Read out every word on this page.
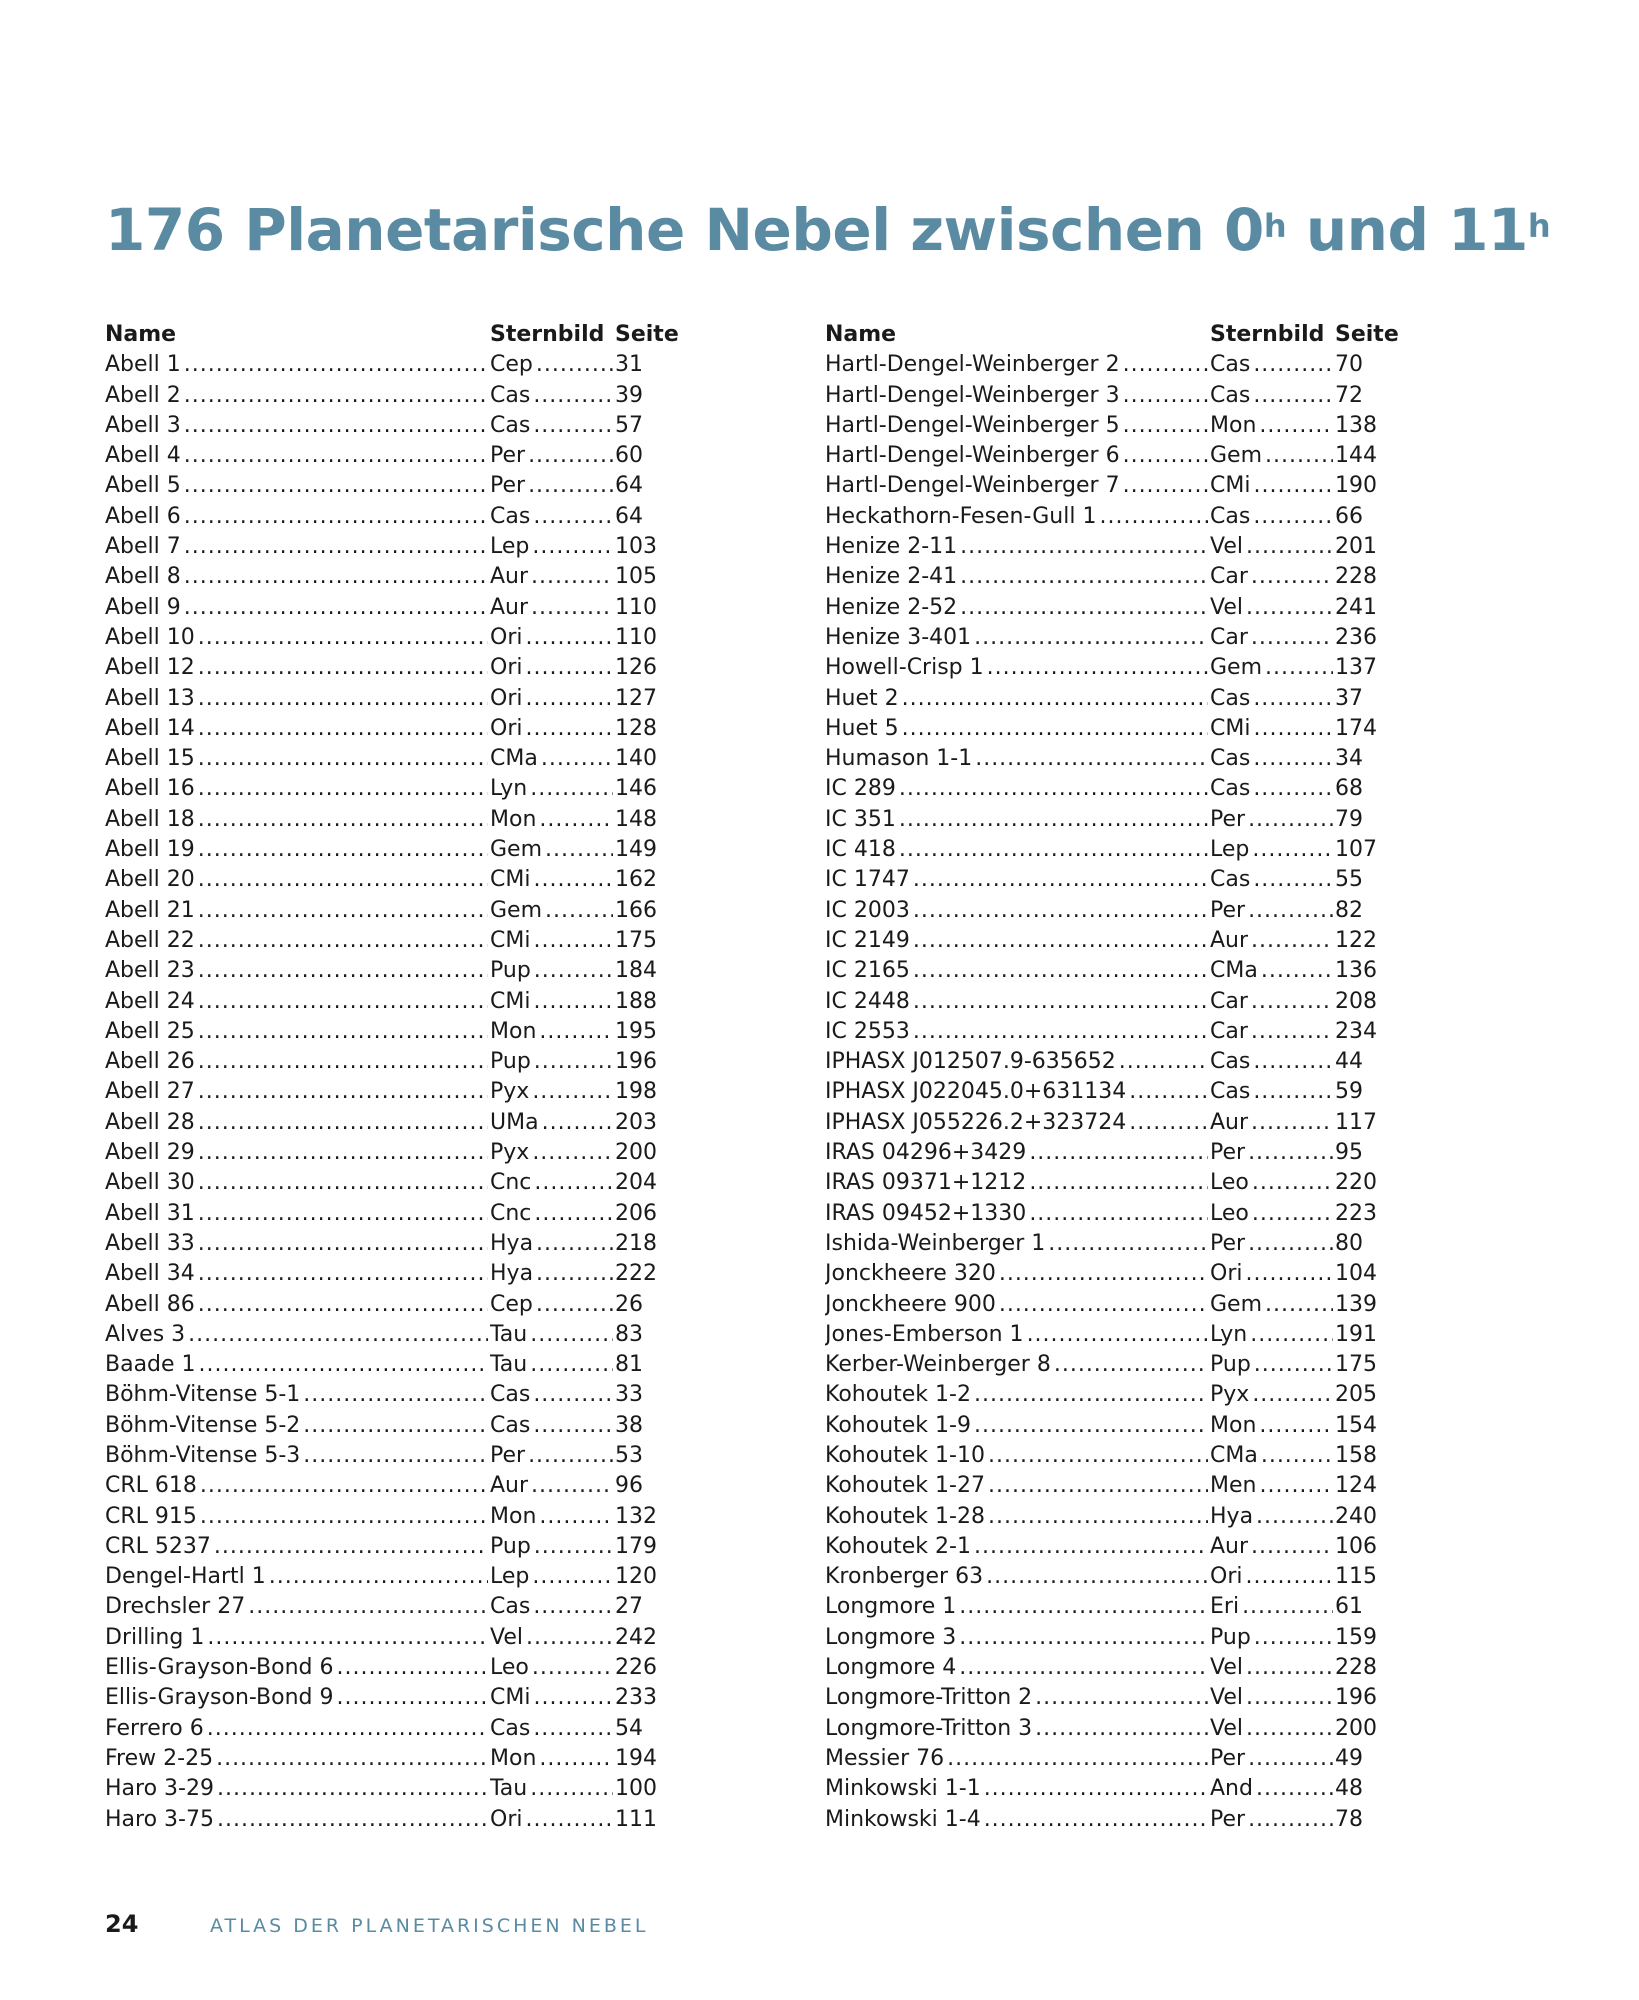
176 Planetarische Nebel zwischen 0$^h$ und 11$^h$
Name	Sternbild Seite
Abell 1 .....	Cep .....	31
Abell 2 .....	Cas .....	39
Abell 3 .....	Cas .....	57
Abell 4 .....	Per .....	60
Abell 5 .....	Per .....	64
Abell 6 .....	Cas .....	64
Abell 7 .....	Lep .....	103
Abell 8 .....	Aur .....	105
Abell 9 .....	Aur .....	110
Abell 10 .....	Ori .....	110
Abell 12 .....	Ori .....	126
Abell 13 .....	Ori .....	127
Abell 14 .....	Ori .....	128
Abell 15 .....	CMa .....	140
Abell 16 .....	Lyn .....	146
Abell 18 .....	Mon .....	148
Abell 19 .....	Gem .....	149
Abell 20 .....	CMi .....	162
Abell 21 .....	Gem .....	166
Abell 22 .....	CMi .....	175
Abell 23 .....	Pup .....	184
Abell 24 .....	CMi .....	188
Abell 25 .....	Mon .....	195
Abell 26 .....	Pup .....	196
Abell 27 .....	Pyx .....	198
Abell 28 .....	UMa .....	203
Abell 29 .....	Pyx .....	200
Abell 30 .....	Cnc .....	204
Abell 31 .....	Cnc .....	206
Abell 33 .....	Hya .....	218
Abell 34 .....	Hya .....	222
Abell 86 .....	Cep .....	26
Alves 3 .....	Tau .....	83
Baade 1 .....	Tau .....	81
Böhm-Vitense 5-1 .....	Cas .....	33
Böhm-Vitense 5-2 .....	Cas .....	38
Böhm-Vitense 5-3 .....	Per .....	53
CRL 618 .....	Aur .....	96
CRL 915 .....	Mon .....	132
CRL 5237 .....	Pup .....	179
Dengel-Hartl 1 .....	Lep .....	120
Drechsler 27 .....	Cas .....	27
Drilling 1 .....	Vel .....	242
Ellis-Grayson-Bond 6 .....	Leo .....	226
Ellis-Grayson-Bond 9 .....	CMi .....	233
Ferrero 6 .....	Cas .....	54
Frew 2-25 .....	Mon .....	194
Haro 3-29 .....	Tau .....	100
Haro 3-75 .....	Ori .....	111
Name	Sternbild Seite
Hartl-Dengel-Weinberger 2 .....	Cas .....	70
Hartl-Dengel-Weinberger 3 .....	Cas .....	72
Hartl-Dengel-Weinberger 5 .....	Mon .....	138
Hartl-Dengel-Weinberger 6 .....	Gem .....	144
Hartl-Dengel-Weinberger 7 .....	CMi .....	190
Heckathorn-Fesen-Gull 1 .....	Cas .....	66
Henize 2-11 .....	Vel .....	201
Henize 2-41 .....	Car .....	228
Henize 2-52 .....	Vel .....	241
Henize 3-401 .....	Car .....	236
Howell-Crisp 1 .....	Gem .....	137
Huet 2 .....	Cas .....	37
Huet 5 .....	CMi .....	174
Humason 1-1 .....	Cas .....	34
IC 289 .....	Cas .....	68
IC 351 .....	Per .....	79
IC 418 .....	Lep .....	107
IC 1747 .....	Cas .....	55
IC 2003 .....	Per .....	82
IC 2149 .....	Aur .....	122
IC 2165 .....	CMa .....	136
IC 2448 .....	Car .....	208
IC 2553 .....	Car .....	234
IPHASX J012507.9-635652 .....	Cas .....	44
IPHASX J022045.0+631134 .....	Cas .....	59
IPHASX J055226.2+323724 .....	Aur .....	117
IRAS 04296+3429 .....	Per .....	95
IRAS 09371+1212 .....	Leo .....	220
IRAS 09452+1330 .....	Leo .....	223
Ishida-Weinberger 1 .....	Per .....	80
Jonckheere 320 .....	Ori .....	104
Jonckheere 900 .....	Gem .....	139
Jones-Emberson 1 .....	Lyn .....	191
Kerber-Weinberger 8 .....	Pup .....	175
Kohoutek 1-2 .....	Pyx .....	205
Kohoutek 1-9 .....	Mon .....	154
Kohoutek 1-10 .....	CMa .....	158
Kohoutek 1-27 .....	Men .....	124
Kohoutek 1-28 .....	Hya .....	240
Kohoutek 2-1 .....	Aur .....	106
Kronberger 63 .....	Ori .....	115
Longmore 1 .....	Eri .....	61
Longmore 3 .....	Pup .....	159
Longmore 4 .....	Vel .....	228
Longmore-Tritton 2 .....	Vel .....	196
Longmore-Tritton 3 .....	Vel .....	200
Messier 76 .....	Per .....	49
Minkowski 1-1 .....	And .....	48
Minkowski 1-4 .....	Per .....	78
24	ATLAS DER PLANETARISCHEN NEBEL
